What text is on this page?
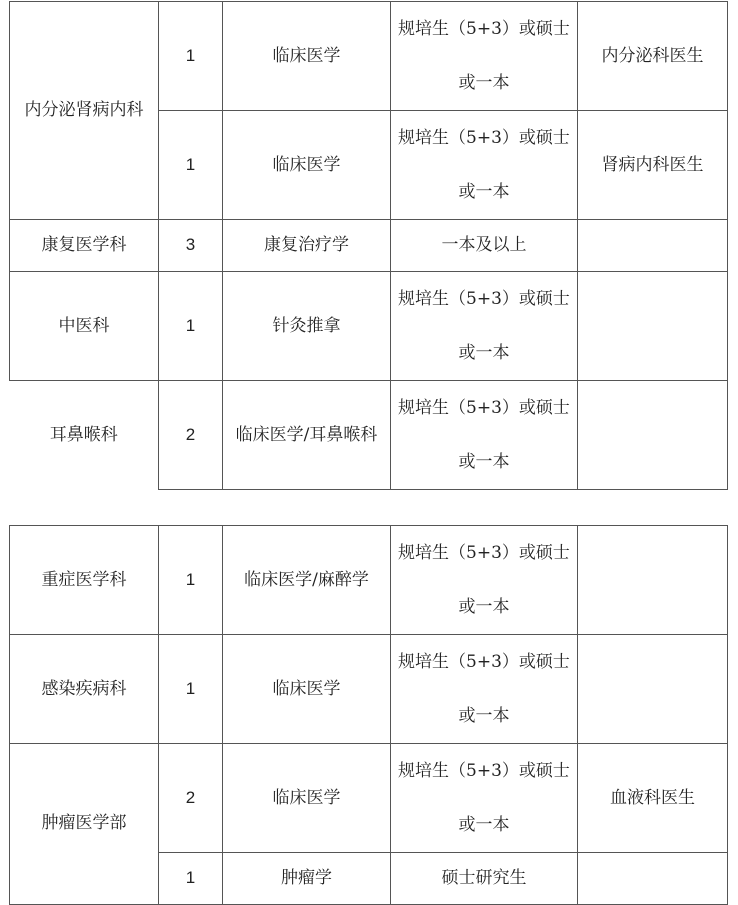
内分泌肾病内科	1	临床医学	规培生（5+3）或硕士或一本	内分泌科医生
	1	临床医学	规培生（5+3）或硕士或一本	肾病内科医生
康复医学科	3	康复治疗学	一本及以上	
中医科	1	针灸推拿	规培生（5+3）或硕士或一本	
耳鼻喉科	2	临床医学/耳鼻喉科	规培生（5+3）或硕士或一本	
重症医学科	1	临床医学/麻醉学	规培生（5+3）或硕士或一本	
感染疾病科	1	临床医学	规培生（5+3）或硕士或一本	
肿瘤医学部	2	临床医学	规培生（5+3）或硕士或一本	血液科医生
	1	肿瘤学	硕士研究生	
